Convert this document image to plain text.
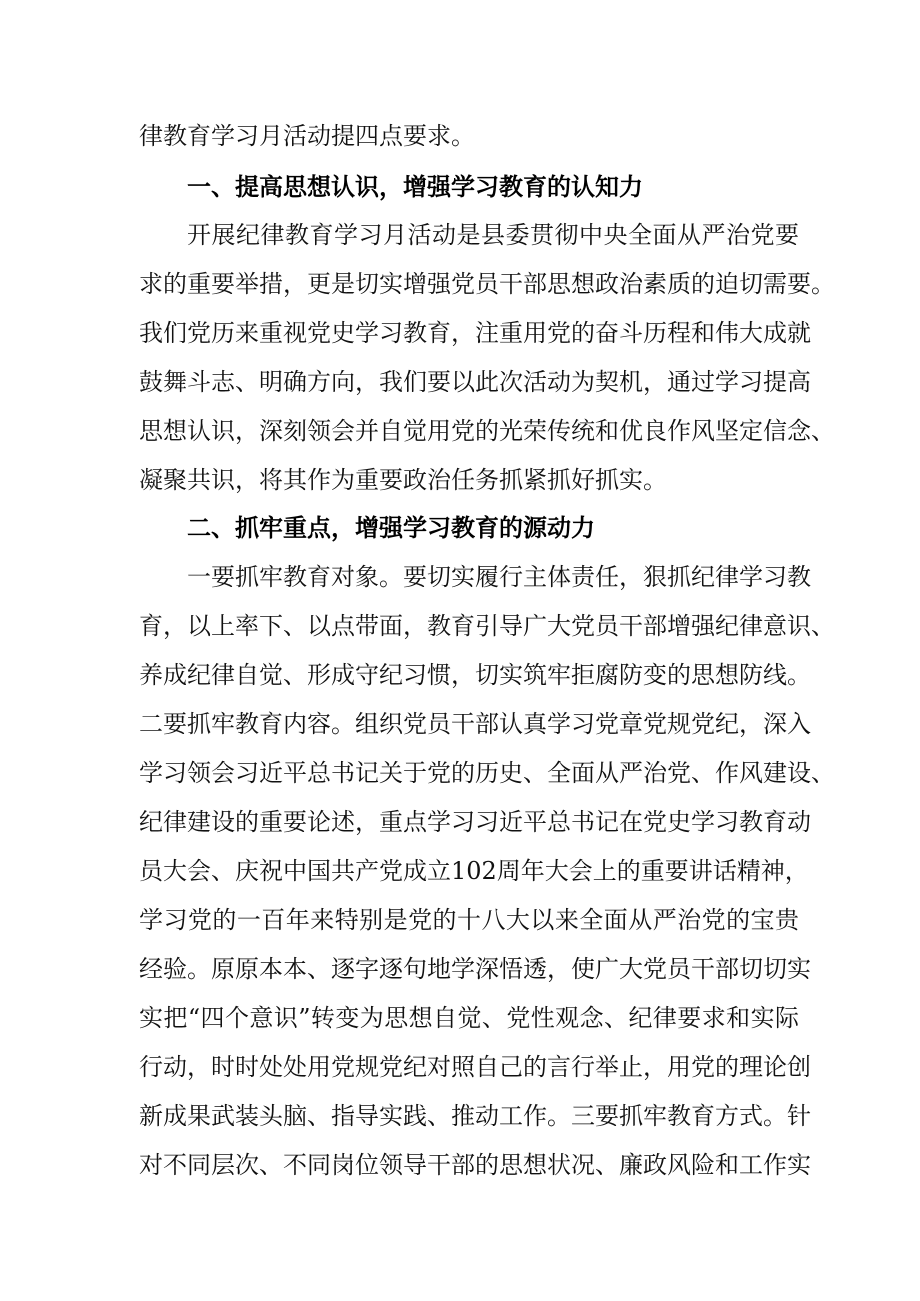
律教育学习月活动提四点要求。
一、提高思想认识，增强学习教育的认知力
开展纪律教育学习月活动是县委贯彻中央全面从严治党要
求的重要举措，更是切实增强党员干部思想政治素质的迫切需要。
我们党历来重视党史学习教育，注重用党的奋斗历程和伟大成就
鼓舞斗志、明确方向，我们要以此次活动为契机，通过学习提高
思想认识，深刻领会并自觉用党的光荣传统和优良作风坚定信念、
凝聚共识，将其作为重要政治任务抓紧抓好抓实。
二、抓牢重点，增强学习教育的源动力
一要抓牢教育对象。要切实履行主体责任，狠抓纪律学习教
育，以上率下、以点带面，教育引导广大党员干部增强纪律意识、
养成纪律自觉、形成守纪习惯，切实筑牢拒腐防变的思想防线。
二要抓牢教育内容。组织党员干部认真学习党章党规党纪，深入
学习领会习近平总书记关于党的历史、全面从严治党、作风建设、
纪律建设的重要论述，重点学习习近平总书记在党史学习教育动
员大会、庆祝中国共产党成立102周年大会上的重要讲话精神，
学习党的一百年来特别是党的十八大以来全面从严治党的宝贵
经验。原原本本、逐字逐句地学深悟透，使广大党员干部切切实
实把“四个意识”转变为思想自觉、党性观念、纪律要求和实际
行动，时时处处用党规党纪对照自己的言行举止，用党的理论创
新成果武装头脑、指导实践、推动工作。三要抓牢教育方式。针
对不同层次、不同岗位领导干部的思想状况、廉政风险和工作实
